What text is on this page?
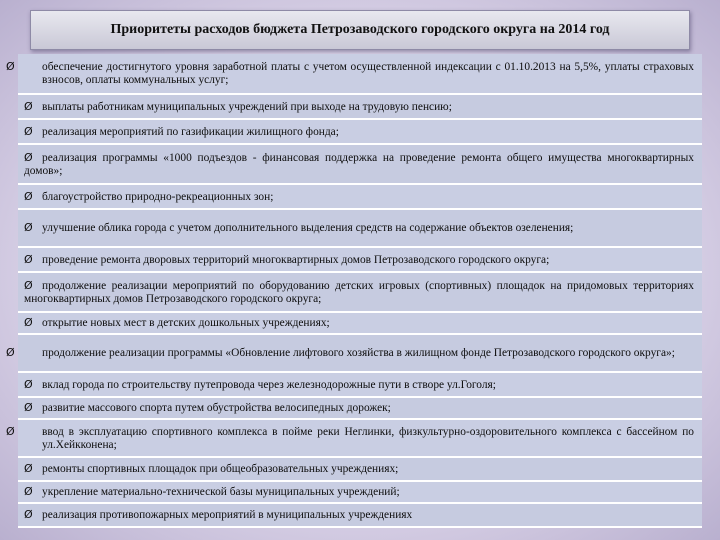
Приоритеты расходов бюджета Петрозаводского городского округа на 2014 год
Ø обеспечение достигнутого уровня заработной платы с учетом осуществленной индексации с 01.10.2013 на 5,5%, уплаты страховых взносов, оплаты коммунальных услуг;
Ø выплаты работникам муниципальных учреждений при выходе на трудовую пенсию;
Ø реализация мероприятий по газификации жилищного фонда;
Ø реализация программы «1000 подъездов - финансовая поддержка на проведение ремонта общего имущества многоквартирных домов»;
Ø благоустройство природно-рекреационных зон;
Ø улучшение облика города с учетом дополнительного выделения средств на содержание объектов озеленения;
Ø проведение ремонта дворовых территорий многоквартирных домов Петрозаводского городского округа;
Ø продолжение реализации мероприятий по оборудованию детских игровых (спортивных) площадок на придомовых территориях многоквартирных домов Петрозаводского городского округа;
Ø открытие новых мест в детских дошкольных учреждениях;
Ø продолжение реализации программы «Обновление лифтового хозяйства в жилищном фонде Петрозаводского городского округа»;
Ø вклад города по строительству путепровода через железнодорожные пути в створе ул.Гоголя;
Ø развитие массового спорта путем обустройства велосипедных дорожек;
Ø ввод в эксплуатацию спортивного комплекса в пойме реки Неглинки, физкультурно-оздоровительного комплекса с бассейном по ул.Хейкконена;
Ø ремонты спортивных площадок при общеобразовательных учреждениях;
Ø укрепление материально-технической базы муниципальных учреждений;
Ø реализация противопожарных мероприятий в муниципальных учреждениях
